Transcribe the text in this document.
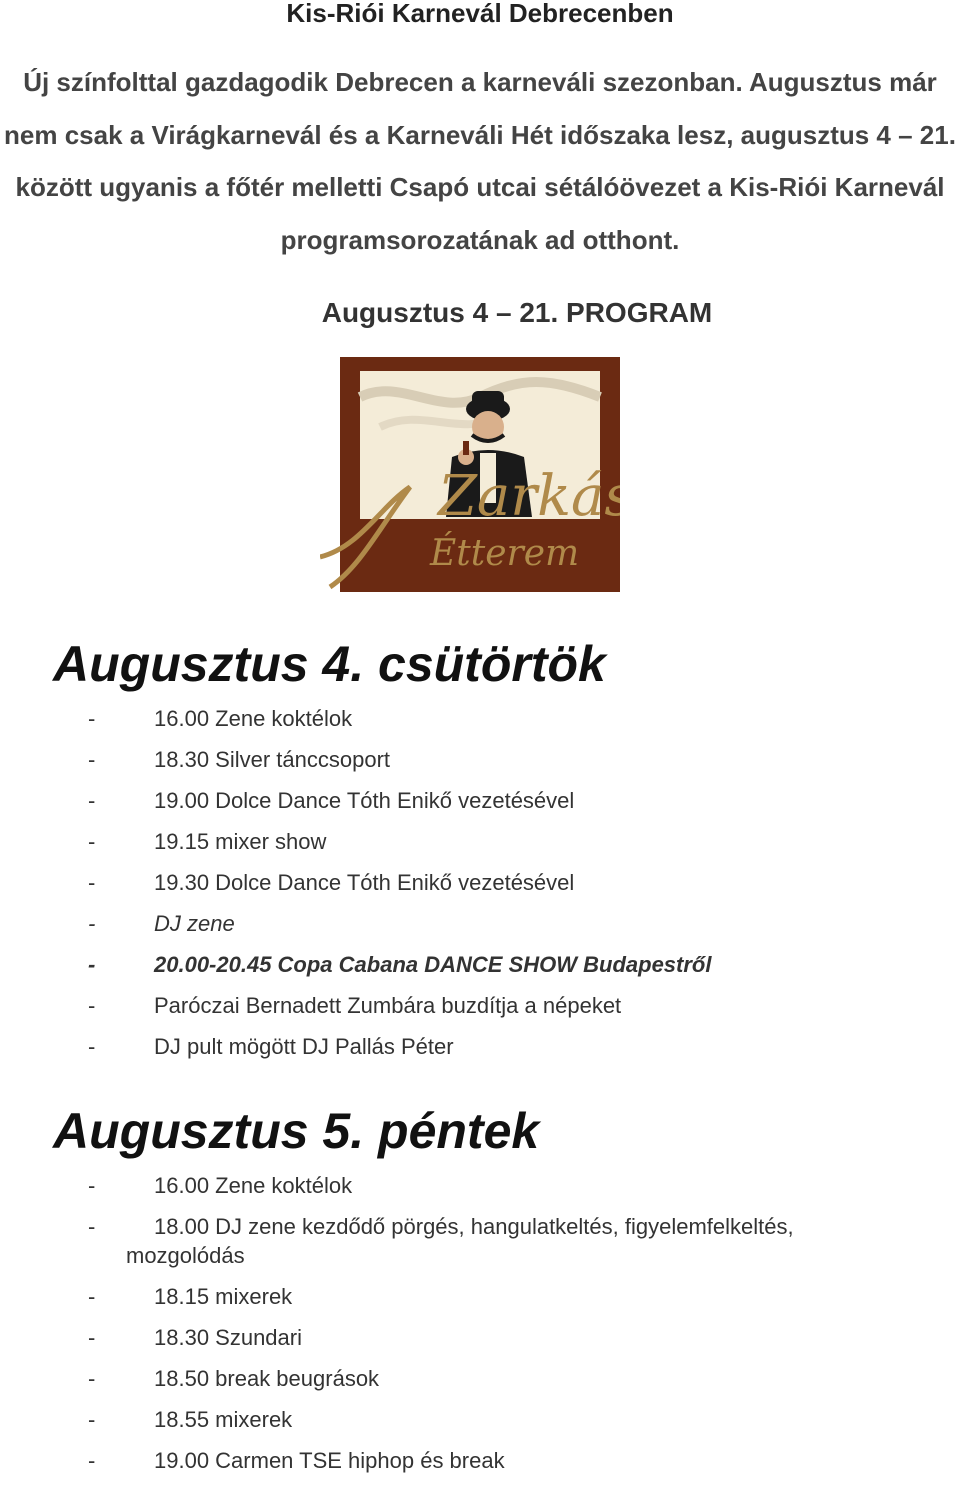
Kis-Riói Karnevál Debrecenben

Új színfolttal gazdagodik Debrecen a karneváli szezonban. Augusztus már nem csak a Virágkarnevál és a Karneváli Hét időszaka lesz, augusztus 4 – 21. között ugyanis a főtér melletti Csapó utcai sétálóövezet a Kis-Riói Karnevál programsorozatának ad otthont.

Augusztus 4 – 21. PROGRAM
Zarkás
Étterem
Augusztus 4. csütörtök
-	16.00 Zene koktélok
-	18.30 Silver tánccsoport
-	19.00 Dolce Dance Tóth Enikő vezetésével
-	19.15 mixer show
-	19.30 Dolce Dance Tóth Enikő vezetésével
-	DJ zene
-	20.00-20.45 Copa Cabana DANCE SHOW Budapestről
-	Paróczai Bernadett Zumbára buzdítja a népeket
-	DJ pult mögött DJ Pallás Péter
Augusztus 5. péntek
-	16.00 Zene koktélok
-	18.00 DJ zene kezdődő pörgés, hangulatkeltés, figyelemfelkeltés,
mozgolódás
-	18.15 mixerek
-	18.30 Szundari
-	18.50 break beugrások
-	18.55 mixerek
-	19.00 Carmen TSE hiphop és break
